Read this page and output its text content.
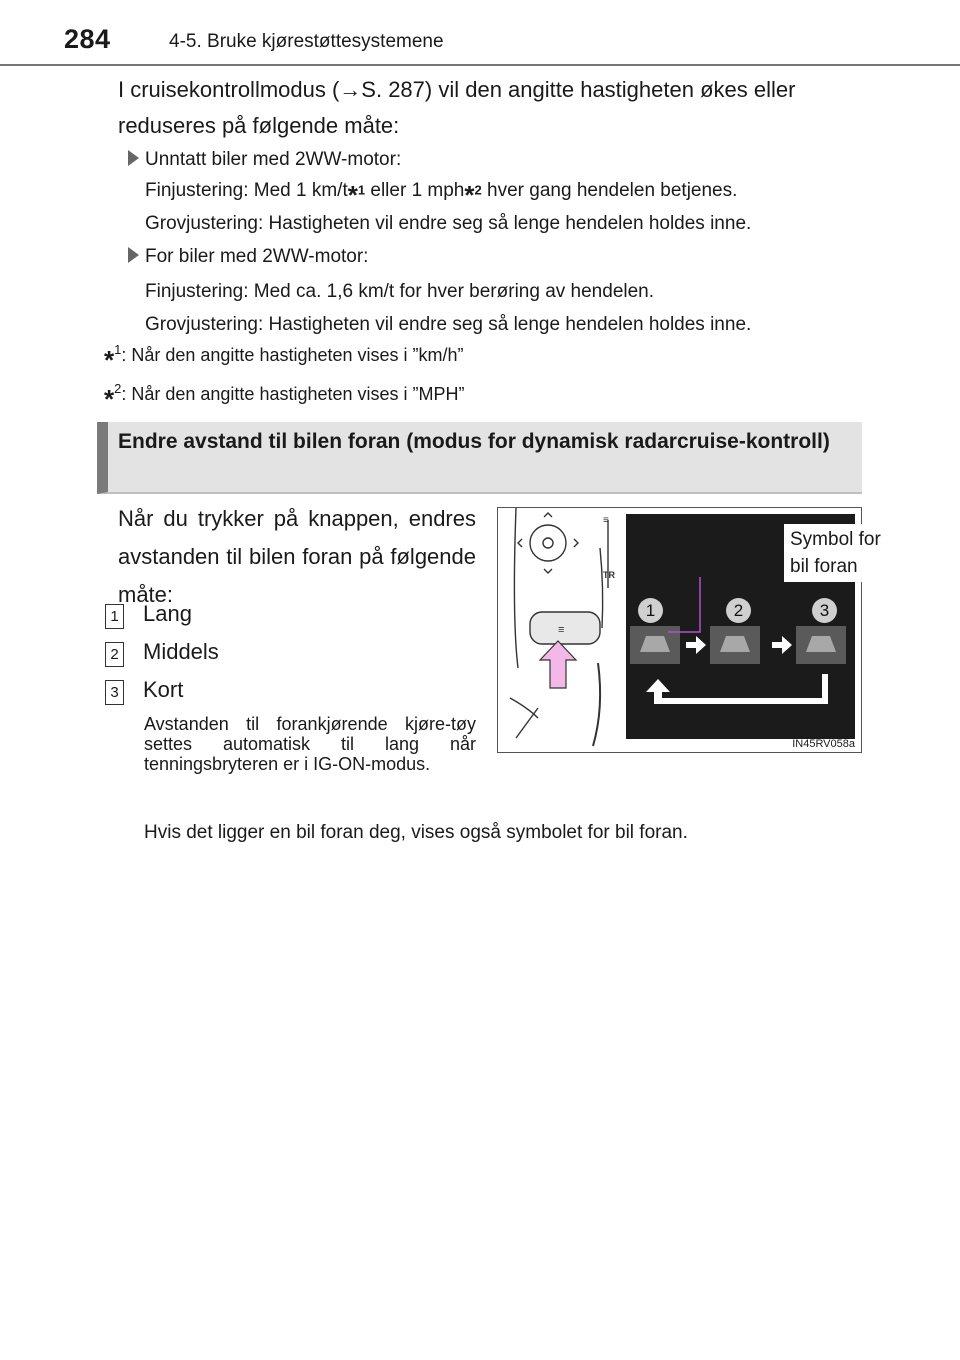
284	4-5. Bruke kjørestøttesystemene
I cruisekontrollmodus (→S. 287) vil den angitte hastigheten økes eller
reduseres på følgende måte:
Unntatt biler med 2WW-motor:
Finjustering: Med 1 km/t*$^1$ eller 1 mph*$^2$ hver gang hendelen betjenes.
Grovjustering: Hastigheten vil endre seg så lenge hendelen holdes inne.
For biler med 2WW-motor:
Finjustering: Med ca. 1,6 km/t for hver berøring av hendelen.
Grovjustering: Hastigheten vil endre seg så lenge hendelen holdes inne.
*$^1$: Når den angitte hastigheten vises i ”km/h”
*$^2$: Når den angitte hastigheten vises i ”MPH”
Endre avstand til bilen foran (modus for dynamisk radarcruise-kontroll)
Når du trykker på knappen, endres avstanden til bilen foran på følgende måte:
1 Lang
2 Middels
3 Kort
Avstanden til forankjørende kjøre-tøy settes automatisk til lang når tenningsbryteren er i IG-ON-modus.
Hvis det ligger en bil foran deg, vises også symbolet for bil foran.
≡
≡
TR
Symbol for
bil foran
1	2	3
IN45RV058a
